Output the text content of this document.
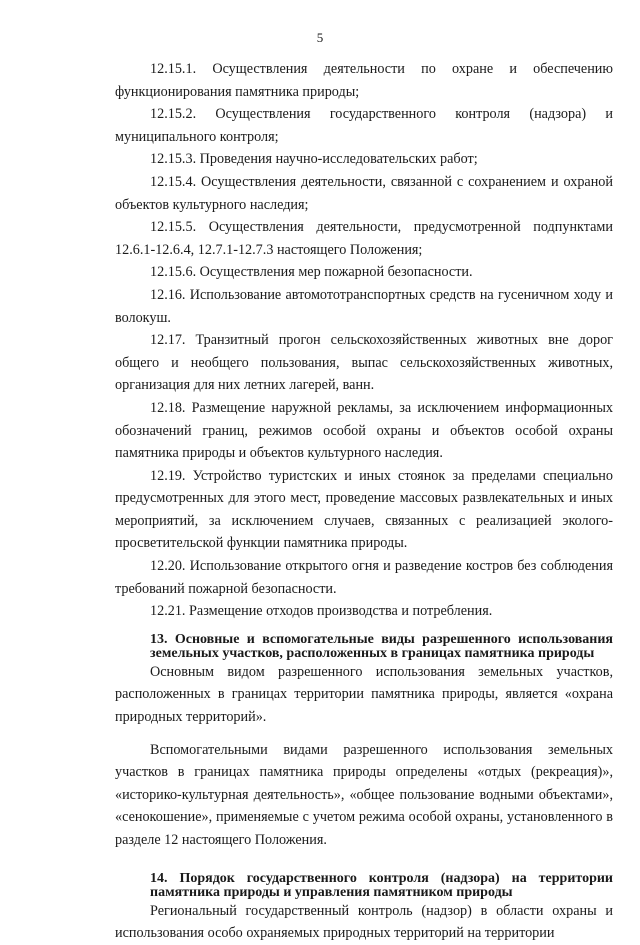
5

12.15.1. Осуществления деятельности по охране и обеспечению функционирования памятника природы;

12.15.2. Осуществления государственного контроля (надзора) и муниципального контроля;

12.15.3. Проведения научно-исследовательских работ;

12.15.4. Осуществления деятельности, связанной с сохранением и охраной объектов культурного наследия;

12.15.5. Осуществления деятельности, предусмотренной подпунктами 12.6.1-12.6.4, 12.7.1-12.7.3 настоящего Положения;

12.15.6. Осуществления мер пожарной безопасности.

12.16. Использование автомототранспортных средств на гусеничном ходу и волокуш.

12.17. Транзитный прогон сельскохозяйственных животных вне дорог общего и необщего пользования, выпас сельскохозяйственных животных, организация для них летних лагерей, ванн.

12.18. Размещение наружной рекламы, за исключением информационных обозначений границ, режимов особой охраны и объектов особой охраны памятника природы и объектов культурного наследия.

12.19. Устройство туристских и иных стоянок за пределами специально предусмотренных для этого мест, проведение массовых развлекательных и иных мероприятий, за исключением случаев, связанных с реализацией эколого-просветительской функции памятника природы.

12.20. Использование открытого огня и разведение костров без соблюдения требований пожарной безопасности.

12.21. Размещение отходов производства и потребления.

13. Основные и вспомогательные виды разрешенного использования земельных участков, расположенных в границах памятника природы

Основным видом разрешенного использования земельных участков, расположенных в границах территории памятника природы, является «охрана природных территорий».

Вспомогательными видами разрешенного использования земельных участков в границах памятника природы определены «отдых (рекреация)», «историко-культурная деятельность», «общее пользование водными объектами», «сенокошение», применяемые с учетом режима особой охраны, установленного в разделе 12 настоящего Положения.

14. Порядок государственного контроля (надзора) на территории памятника природы и управления памятником природы

Региональный государственный контроль (надзор) в области охраны и использования особо охраняемых природных территорий на территории
